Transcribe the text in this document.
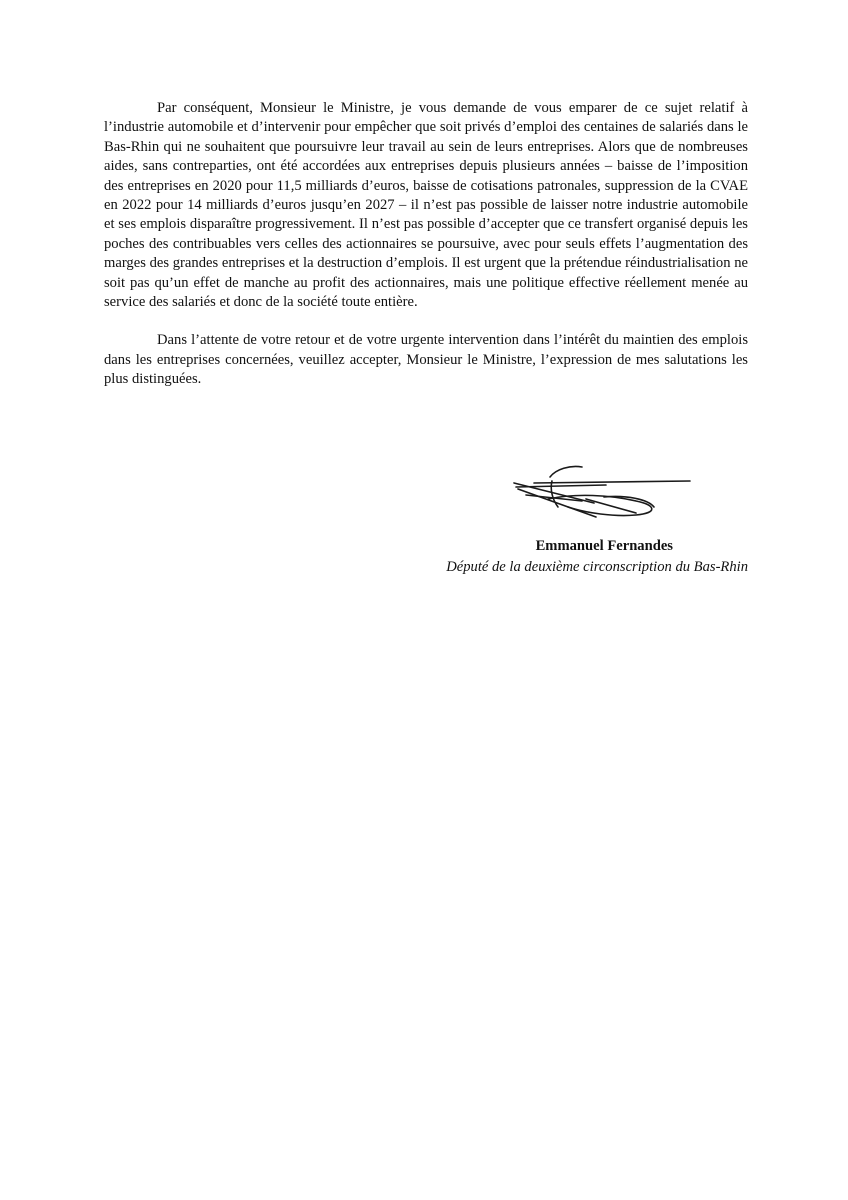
Par conséquent, Monsieur le Ministre, je vous demande de vous emparer de ce sujet relatif à l’industrie automobile et d’intervenir pour empêcher que soit privés d’emploi des centaines de salariés dans le Bas-Rhin qui ne souhaitent que poursuivre leur travail au sein de leurs entreprises. Alors que de nombreuses aides, sans contreparties, ont été accordées aux entreprises depuis plusieurs années – baisse de l’imposition des entreprises en 2020 pour 11,5 milliards d’euros, baisse de cotisations patronales, suppression de la CVAE en 2022 pour 14 milliards d’euros jusqu’en 2027 – il n’est pas possible de laisser notre industrie automobile et ses emplois disparaître progressivement. Il n’est pas possible d’accepter que ce transfert organisé depuis les poches des contribuables vers celles des actionnaires se poursuive, avec pour seuls effets l’augmentation des marges des grandes entreprises et la destruction d’emplois. Il est urgent que la prétendue réindustrialisation ne soit pas qu’un effet de manche au profit des actionnaires, mais une politique effective réellement menée au service des salariés et donc de la société toute entière.

Dans l’attente de votre retour et de votre urgente intervention dans l’intérêt du maintien des emplois dans les entreprises concernées, veuillez accepter, Monsieur le Ministre, l’expression de mes salutations les plus distinguées.

Emmanuel Fernandes
Député de la deuxième circonscription du Bas-Rhin
